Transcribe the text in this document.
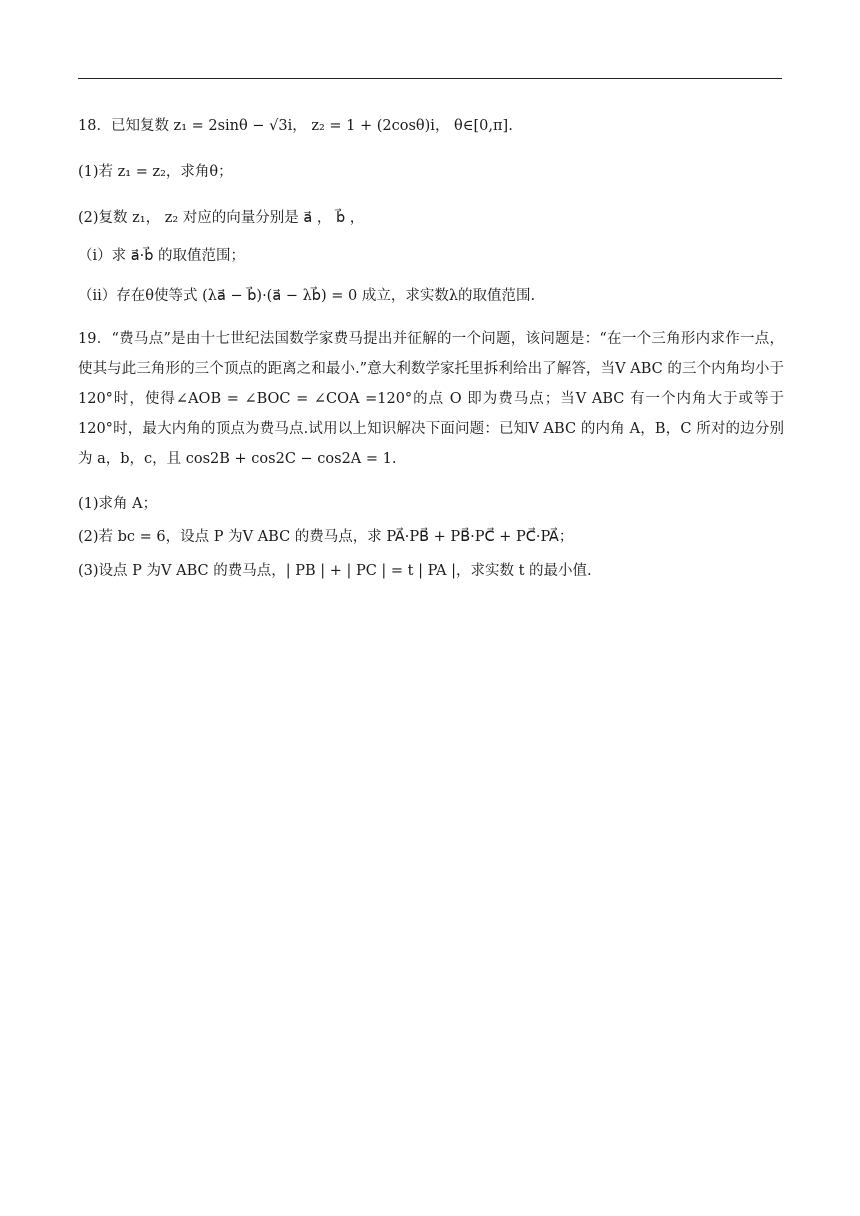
18．已知复数 z₁ = 2sinθ − √3i， z₂ = 1 + (2cosθ)i， θ∈[0,π].
(1)若 z₁ = z₂，求角θ；
(2)复数 z₁， z₂ 对应的向量分别是 a⃗ ， b⃗ ，
（ⅰ）求 a⃗·b⃗ 的取值范围；
（ⅱ）存在θ使等式 (λa⃗ − b⃗)·(a⃗ − λb⃗) = 0 成立，求实数λ的取值范围.
19．“费马点”是由十七世纪法国数学家费马提出并征解的一个问题，该问题是：“在一个三角形内求作一点，使其与此三角形的三个顶点的距离之和最小.”意大利数学家托里拆利给出了解答，当V ABC 的三个内角均小于 120°时，使得∠AOB = ∠BOC = ∠COA =120°的点 O 即为费马点；当V ABC 有一个内角大于或等于 120°时，最大内角的顶点为费马点.试用以上知识解决下面问题：已知V ABC 的内角 A，B，C 所对的边分别为 a，b，c，且 cos2B + cos2C − cos2A = 1.
(1)求角 A；
(2)若 bc = 6，设点 P 为V ABC 的费马点，求 PA⃗·PB⃗ + PB⃗·PC⃗ + PC⃗·PA⃗；
(3)设点 P 为V ABC 的费马点，| PB | + | PC | = t | PA |，求实数 t 的最小值.
